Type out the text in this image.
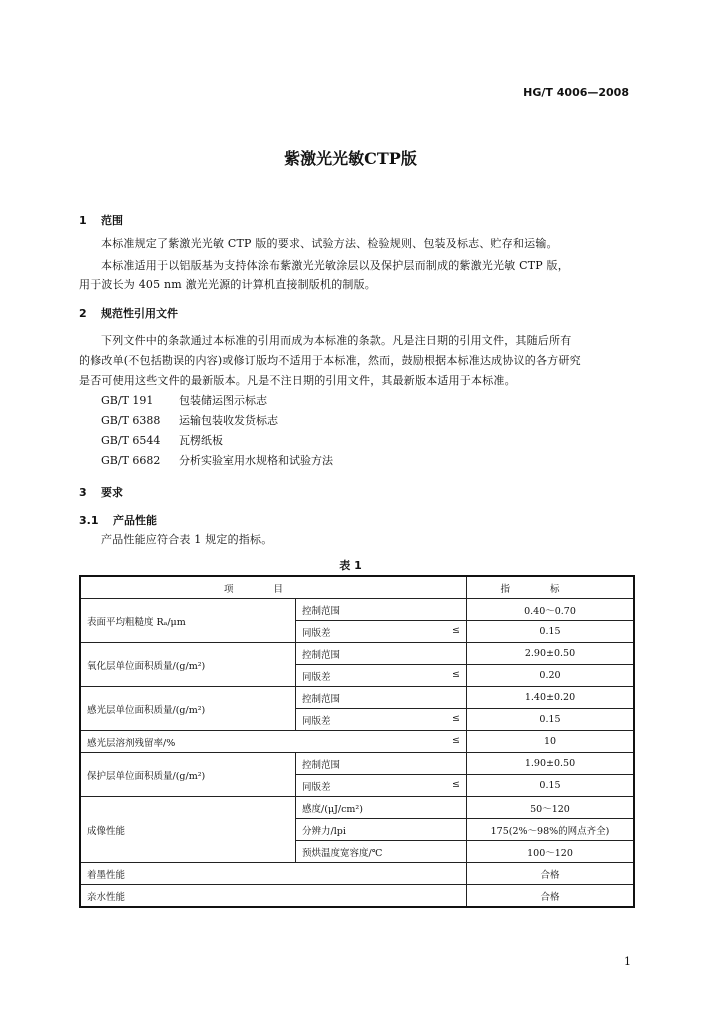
HG/T 4006—2008
紫激光光敏CTP版
1 范围
本标准规定了紫激光光敏 CTP 版的要求、试验方法、检验规则、包装及标志、贮存和运输。
本标准适用于以铝版基为支持体涂布紫激光光敏涂层以及保护层而制成的紫激光光敏 CTP 版，
用于波长为 405 nm 激光光源的计算机直接制版机的制版。
2 规范性引用文件
下列文件中的条款通过本标准的引用而成为本标准的条款。凡是注日期的引用文件，其随后所有
的修改单(不包括勘误的内容)或修订版均不适用于本标准，然而，鼓励根据本标准达成协议的各方研究
是否可使用这些文件的最新版本。凡是不注日期的引用文件，其最新版本适用于本标准。
GB/T 191 包装储运图示标志
GB/T 6388 运输包装收发货标志
GB/T 6544 瓦楞纸板
GB/T 6682 分析实验室用水规格和试验方法
3 要求
3.1 产品性能
产品性能应符合表 1 规定的指标。
表 1
项目		指标
表面平均粗糙度 Rₐ/μm	控制范围	0.40～0.70
	同版差 ≤	0.15
氧化层单位面积质量/(g/m²)	控制范围	2.90±0.50
	同版差 ≤	0.20
感光层单位面积质量/(g/m²)	控制范围	1.40±0.20
	同版差 ≤	0.15
感光层溶剂残留率/% ≤		10
保护层单位面积质量/(g/m²)	控制范围	1.90±0.50
	同版差 ≤	0.15
成像性能	感度/(μJ/cm²)	50～120
	分辨力/lpi	175(2%～98%的网点齐全)
	预烘温度宽容度/℃	100～120
着墨性能		合格
亲水性能		合格
1
